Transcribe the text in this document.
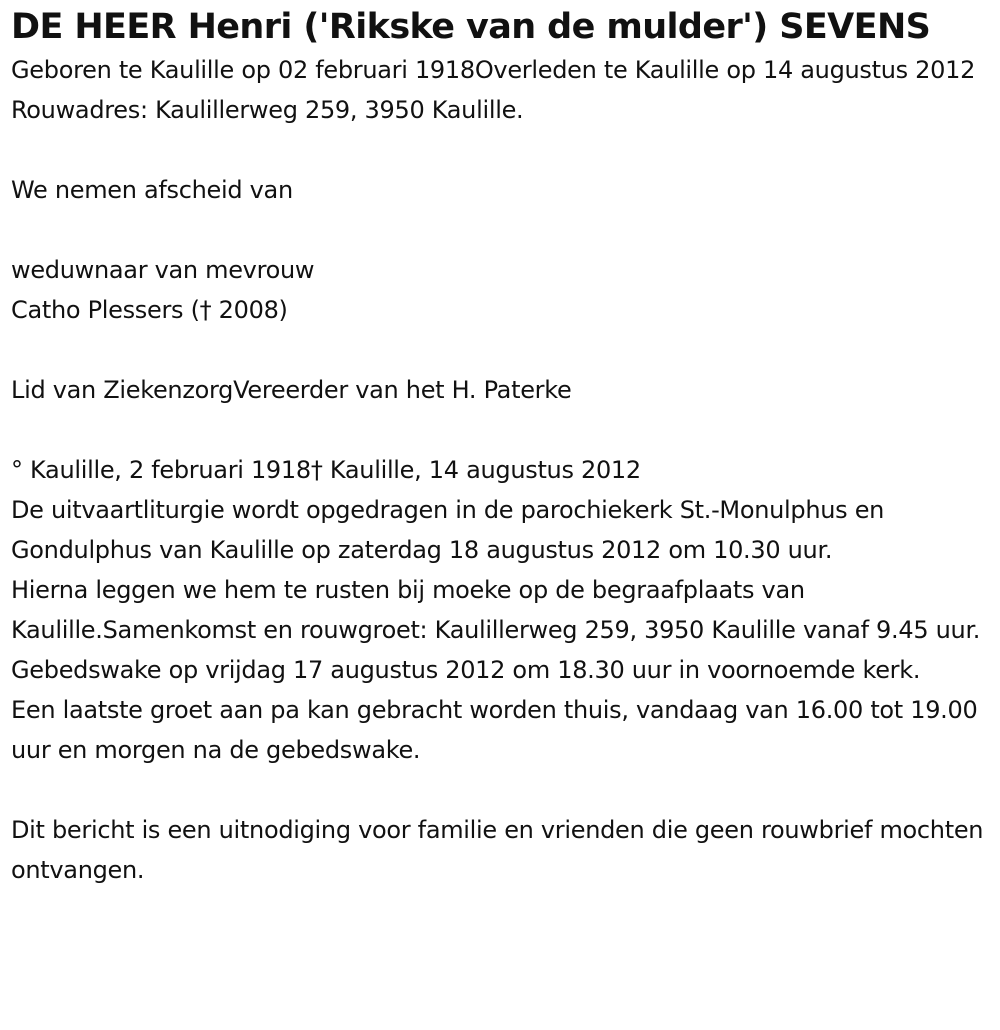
DE HEER Henri ('Rikske van de mulder') SEVENS
Geboren te Kaulille op 02 februari 1918Overleden te Kaulille op 14 augustus 2012
Rouwadres: Kaulillerweg 259, 3950 Kaulille.
We nemen afscheid van
weduwnaar van mevrouw
Catho Plessers († 2008)
Lid van ZiekenzorgVereerder van het H. Paterke
° Kaulille, 2 februari 1918† Kaulille, 14 augustus 2012
De uitvaartliturgie wordt opgedragen in de parochiekerk St.-Monulphus en Gondulphus van Kaulille op zaterdag 18 augustus 2012 om 10.30 uur.
Hierna leggen we hem te rusten bij moeke op de begraafplaats van Kaulille.Samenkomst en rouwgroet: Kaulillerweg 259, 3950 Kaulille vanaf 9.45 uur.
Gebedswake op vrijdag 17 augustus 2012 om 18.30 uur in voornoemde kerk.
Een laatste groet aan pa kan gebracht worden thuis, vandaag van 16.00 tot 19.00 uur en morgen na de gebedswake.
Dit bericht is een uitnodiging voor familie en vrienden die geen rouwbrief mochten ontvangen.
